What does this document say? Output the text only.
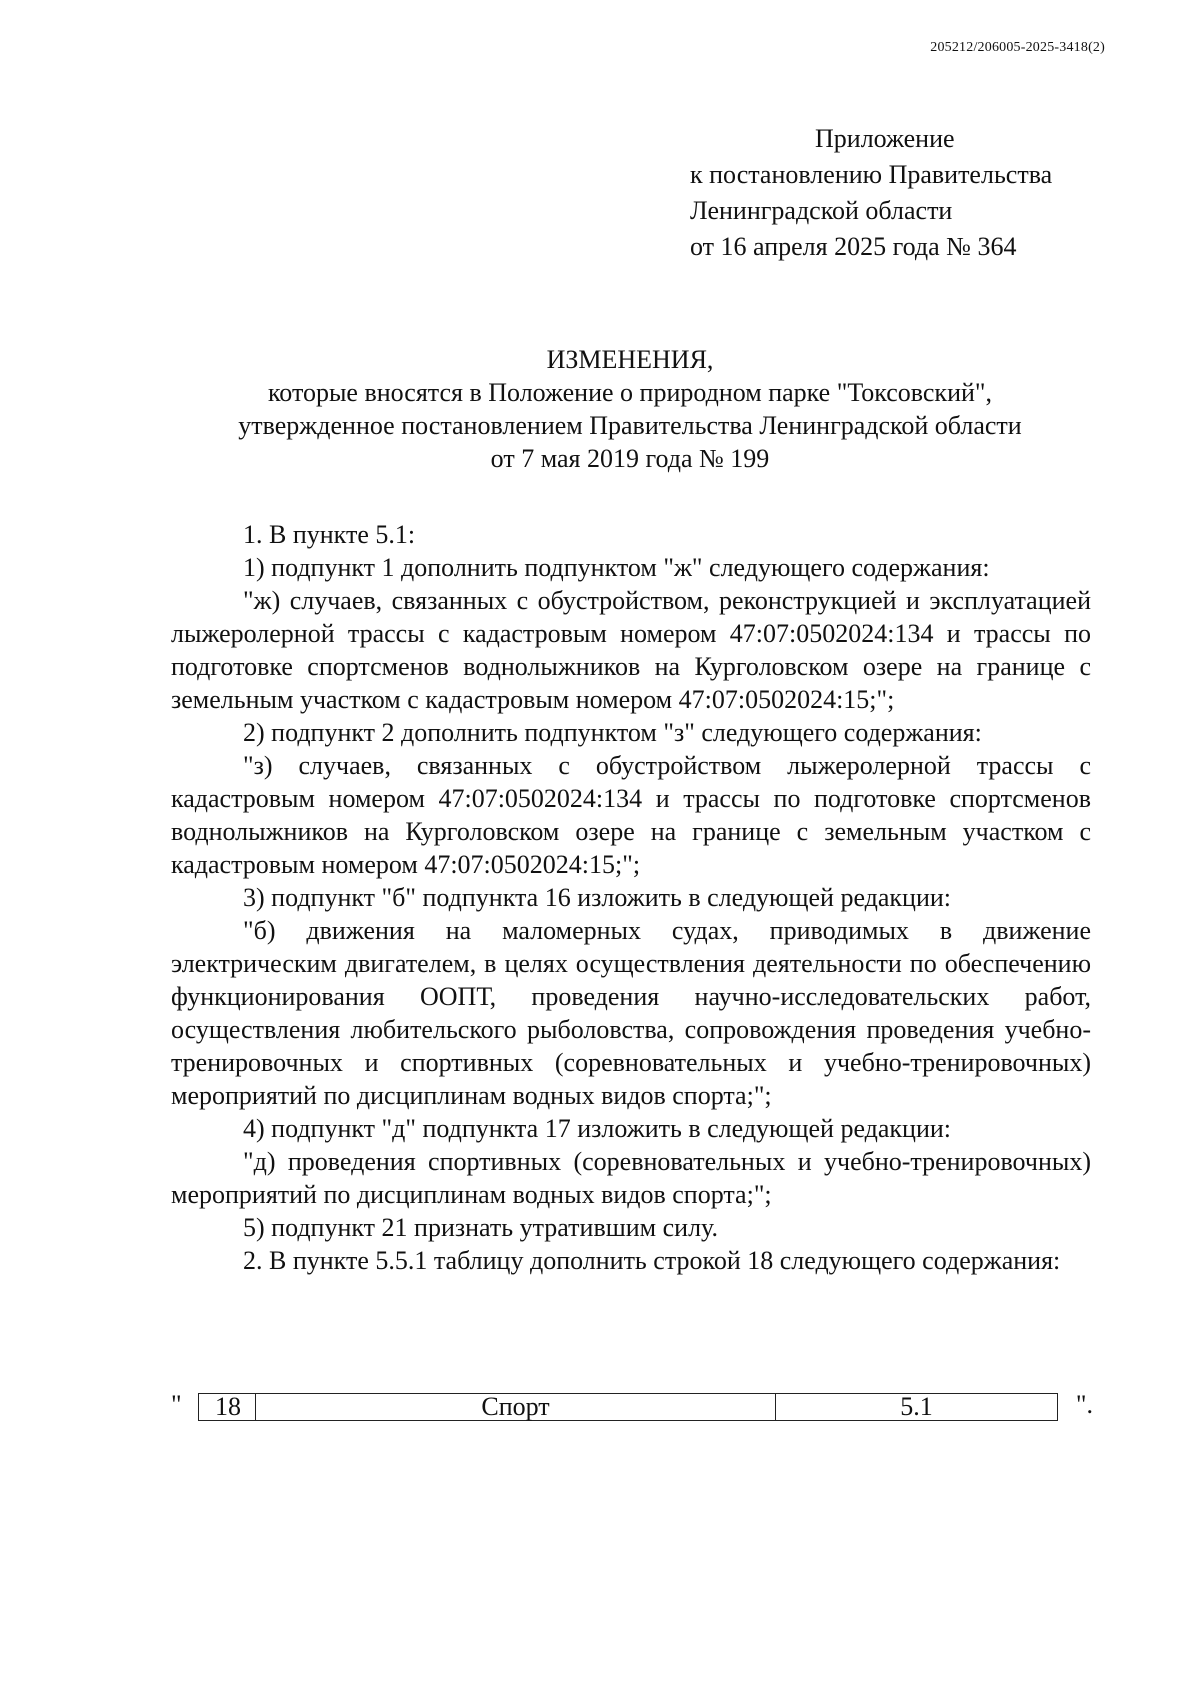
205212/206005-2025-3418(2)
Приложение
к постановлению Правительства
Ленинградской области
от 16 апреля 2025 года № 364
ИЗМЕНЕНИЯ,
которые вносятся в Положение о природном парке "Токсовский",
утвержденное постановлением Правительства Ленинградской области
от 7 мая 2019 года № 199

1. В пункте 5.1:

1) подпункт 1 дополнить подпунктом "ж" следующего содержания:

"ж) случаев, связанных с обустройством, реконструкцией и эксплуатацией лыжеролерной трассы с кадастровым номером 47:07:0502024:134 и трассы по подготовке спортсменов воднолыжников на Курголовском озере на границе с земельным участком с кадастровым номером 47:07:0502024:15;";

2) подпункт 2 дополнить подпунктом "з" следующего содержания:

"з) случаев, связанных с обустройством лыжеролерной трассы с кадастровым номером 47:07:0502024:134 и трассы по подготовке спортсменов воднолыжников на Курголовском озере на границе с земельным участком с кадастровым номером 47:07:0502024:15;";

3) подпункт "б" подпункта 16 изложить в следующей редакции:

"б) движения на маломерных судах, приводимых в движение электрическим двигателем, в целях осуществления деятельности по обеспечению функционирования ООПТ, проведения научно-исследовательских работ, осуществления любительского рыболовства, сопровождения проведения учебно-тренировочных и спортивных (соревновательных и учебно-тренировочных) мероприятий по дисциплинам водных видов спорта;";

4) подпункт "д" подпункта 17 изложить в следующей редакции:

"д) проведения спортивных (соревновательных и учебно-тренировочных) мероприятий по дисциплинам водных видов спорта;";

5) подпункт 21 признать утратившим силу.

2. В пункте 5.5.1 таблицу дополнить строкой 18 следующего содержания:

"	18	Спорт	5.1	".
